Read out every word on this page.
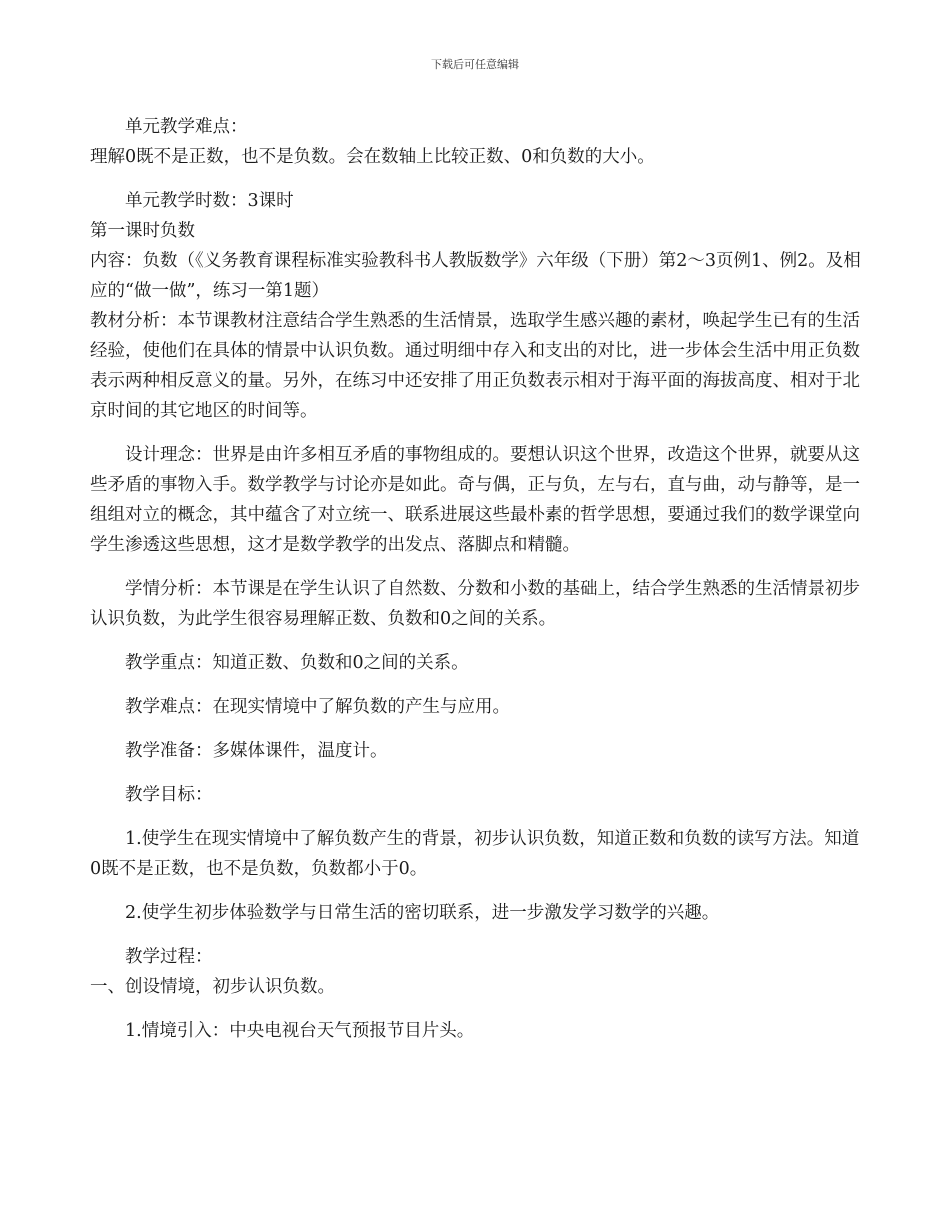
下载后可任意编辑

单元教学难点：

理解0既不是正数，也不是负数。会在数轴上比较正数、0和负数的大小。

单元教学时数：3课时

第一课时负数

内容：负数（《义务教育课程标准实验教科书人教版数学》六年级（下册）第2～3页例1、例2。及相应的“做一做”，练习一第1题）

教材分析：本节课教材注意结合学生熟悉的生活情景，选取学生感兴趣的素材，唤起学生已有的生活经验，使他们在具体的情景中认识负数。通过明细中存入和支出的对比，进一步体会生活中用正负数表示两种相反意义的量。另外，在练习中还安排了用正负数表示相对于海平面的海拔高度、相对于北京时间的其它地区的时间等。

设计理念：世界是由许多相互矛盾的事物组成的。要想认识这个世界，改造这个世界，就要从这些矛盾的事物入手。数学教学与讨论亦是如此。奇与偶，正与负，左与右，直与曲，动与静等，是一组组对立的概念，其中蕴含了对立统一、联系进展这些最朴素的哲学思想，要通过我们的数学课堂向学生渗透这些思想，这才是数学教学的出发点、落脚点和精髓。

学情分析：本节课是在学生认识了自然数、分数和小数的基础上，结合学生熟悉的生活情景初步认识负数，为此学生很容易理解正数、负数和0之间的关系。

教学重点：知道正数、负数和0之间的关系。

教学难点：在现实情境中了解负数的产生与应用。

教学准备：多媒体课件，温度计。

教学目标：

1.使学生在现实情境中了解负数产生的背景，初步认识负数，知道正数和负数的读写方法。知道0既不是正数，也不是负数，负数都小于0。

2.使学生初步体验数学与日常生活的密切联系，进一步激发学习数学的兴趣。

教学过程：

一、创设情境，初步认识负数。

1.情境引入：中央电视台天气预报节目片头。
